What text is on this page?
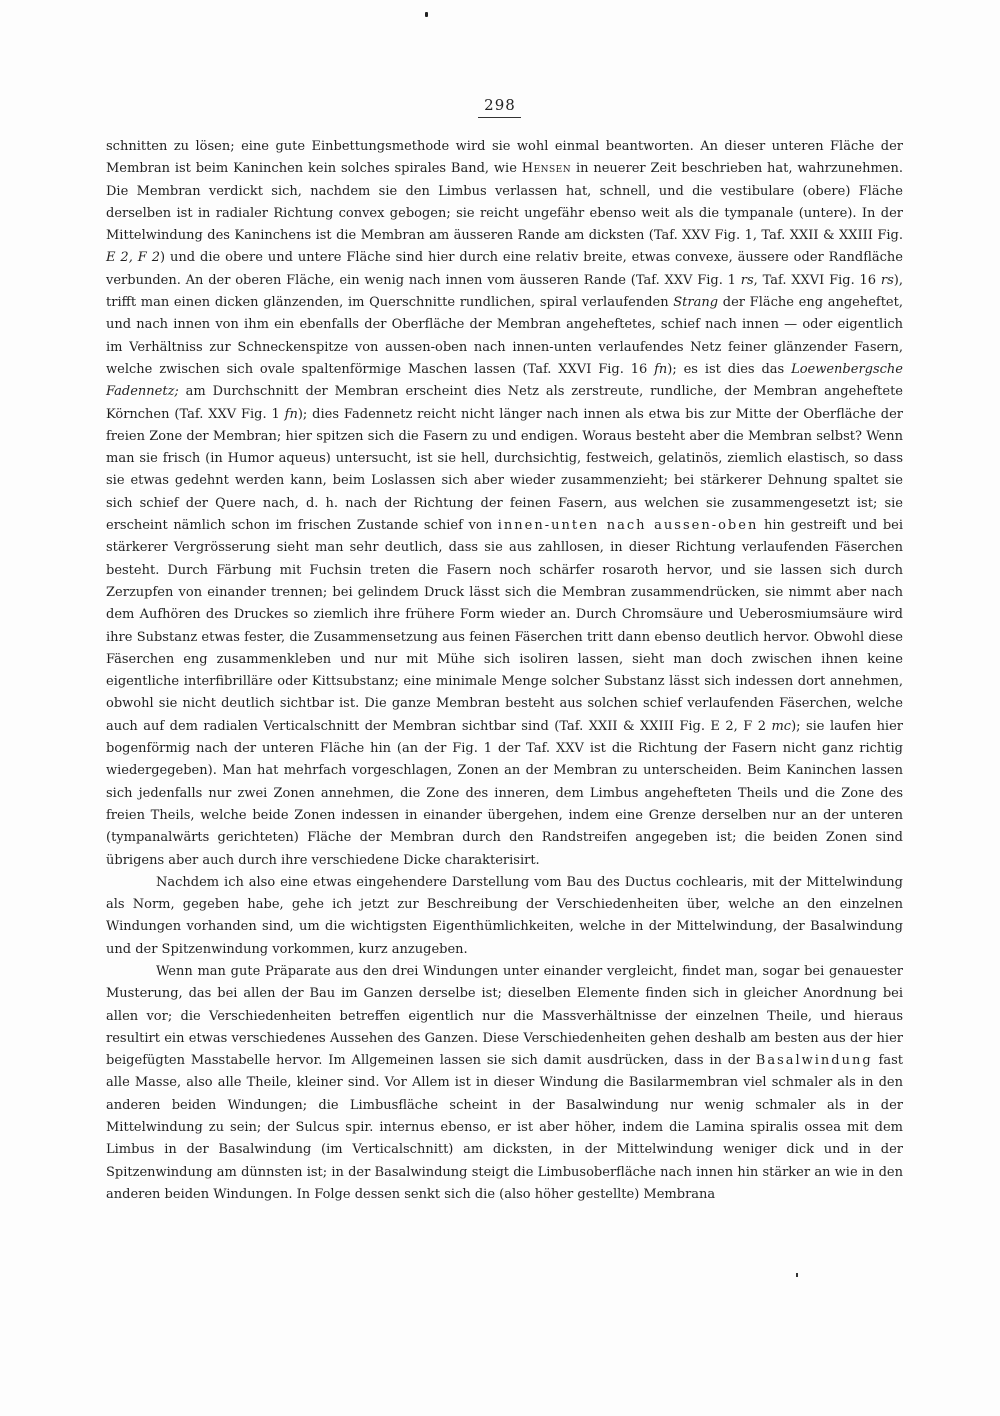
298

schnitten zu lösen; eine gute Einbettungsmethode wird sie wohl einmal beantworten. An dieser unteren Fläche der Membran ist beim Kaninchen kein solches spirales Band, wie Hensen in neuerer Zeit beschrieben hat, wahrzunehmen. Die Membran verdickt sich, nachdem sie den Limbus verlassen hat, schnell, und die vestibulare (obere) Fläche derselben ist in radialer Richtung convex gebogen; sie reicht ungefähr ebenso weit als die tympanale (untere). In der Mittelwindung des Kaninchens ist die Membran am äusseren Rande am dicksten (Taf. XXV Fig. 1, Taf. XXII & XXIII Fig. E 2, F 2) und die obere und untere Fläche sind hier durch eine relativ breite, etwas convexe, äussere oder Randfläche verbunden. An der oberen Fläche, ein wenig nach innen vom äusseren Rande (Taf. XXV Fig. 1 rs, Taf. XXVI Fig. 16 rs), trifft man einen dicken glänzenden, im Querschnitte rundlichen, spiral verlaufenden Strang der Fläche eng angeheftet, und nach innen von ihm ein ebenfalls der Oberfläche der Membran angeheftetes, schief nach innen — oder eigentlich im Verhältniss zur Schneckenspitze von aussen-oben nach innen-unten verlaufendes Netz feiner glänzender Fasern, welche zwischen sich ovale spaltenförmige Maschen lassen (Taf. XXVI Fig. 16 fn); es ist dies das Loewenbergsche Fadennetz; am Durchschnitt der Membran erscheint dies Netz als zerstreute, rundliche, der Membran angeheftete Körnchen (Taf. XXV Fig. 1 fn); dies Fadennetz reicht nicht länger nach innen als etwa bis zur Mitte der Oberfläche der freien Zone der Membran; hier spitzen sich die Fasern zu und endigen. Woraus besteht aber die Membran selbst? Wenn man sie frisch (in Humor aqueus) untersucht, ist sie hell, durchsichtig, festweich, gelatinös, ziemlich elastisch, so dass sie etwas gedehnt werden kann, beim Loslassen sich aber wieder zusammenzieht; bei stärkerer Dehnung spaltet sie sich schief der Quere nach, d. h. nach der Richtung der feinen Fasern, aus welchen sie zusammengesetzt ist; sie erscheint nämlich schon im frischen Zustande schief von innen-unten nach aussen-oben hin gestreift und bei stärkerer Vergrösserung sieht man sehr deutlich, dass sie aus zahllosen, in dieser Richtung verlaufenden Fäserchen besteht. Durch Färbung mit Fuchsin treten die Fasern noch schärfer rosaroth hervor, und sie lassen sich durch Zerzupfen von einander trennen; bei gelindem Druck lässt sich die Membran zusammendrücken, sie nimmt aber nach dem Aufhören des Druckes so ziemlich ihre frühere Form wieder an. Durch Chromsäure und Ueberosmiumsäure wird ihre Substanz etwas fester, die Zusammensetzung aus feinen Fäserchen tritt dann ebenso deutlich hervor. Obwohl diese Fäserchen eng zusammenkleben und nur mit Mühe sich isoliren lassen, sieht man doch zwischen ihnen keine eigentliche interfibrilläre oder Kittsubstanz; eine minimale Menge solcher Substanz lässt sich indessen dort annehmen, obwohl sie nicht deutlich sichtbar ist. Die ganze Membran besteht aus solchen schief verlaufenden Fäserchen, welche auch auf dem radialen Verticalschnitt der Membran sichtbar sind (Taf. XXII & XXIII Fig. E 2, F 2 mc); sie laufen hier bogenförmig nach der unteren Fläche hin (an der Fig. 1 der Taf. XXV ist die Richtung der Fasern nicht ganz richtig wiedergegeben). Man hat mehrfach vorgeschlagen, Zonen an der Membran zu unterscheiden. Beim Kaninchen lassen sich jedenfalls nur zwei Zonen annehmen, die Zone des inneren, dem Limbus angehefteten Theils und die Zone des freien Theils, welche beide Zonen indessen in einander übergehen, indem eine Grenze derselben nur an der unteren (tympanalwärts gerichteten) Fläche der Membran durch den Randstreifen angegeben ist; die beiden Zonen sind übrigens aber auch durch ihre verschiedene Dicke charakterisirt.

Nachdem ich also eine etwas eingehendere Darstellung vom Bau des Ductus cochlearis, mit der Mittelwindung als Norm, gegeben habe, gehe ich jetzt zur Beschreibung der Verschiedenheiten über, welche an den einzelnen Windungen vorhanden sind, um die wichtigsten Eigenthümlichkeiten, welche in der Mittelwindung, der Basalwindung und der Spitzenwindung vorkommen, kurz anzugeben.

Wenn man gute Präparate aus den drei Windungen unter einander vergleicht, findet man, sogar bei genauester Musterung, das bei allen der Bau im Ganzen derselbe ist; dieselben Elemente finden sich in gleicher Anordnung bei allen vor; die Verschiedenheiten betreffen eigentlich nur die Massverhältnisse der einzelnen Theile, und hieraus resultirt ein etwas verschiedenes Aussehen des Ganzen. Diese Verschiedenheiten gehen deshalb am besten aus der hier beigefügten Masstabelle hervor. Im Allgemeinen lassen sie sich damit ausdrücken, dass in der Basalwindung fast alle Masse, also alle Theile, kleiner sind. Vor Allem ist in dieser Windung die Basilarmembran viel schmaler als in den anderen beiden Windungen; die Limbusfläche scheint in der Basalwindung nur wenig schmaler als in der Mittelwindung zu sein; der Sulcus spir. internus ebenso, er ist aber höher, indem die Lamina spiralis ossea mit dem Limbus in der Basalwindung (im Verticalschnitt) am dicksten, in der Mittelwindung weniger dick und in der Spitzenwindung am dünnsten ist; in der Basalwindung steigt die Limbusoberfläche nach innen hin stärker an wie in den anderen beiden Windungen. In Folge dessen senkt sich die (also höher gestellte) Membrana
